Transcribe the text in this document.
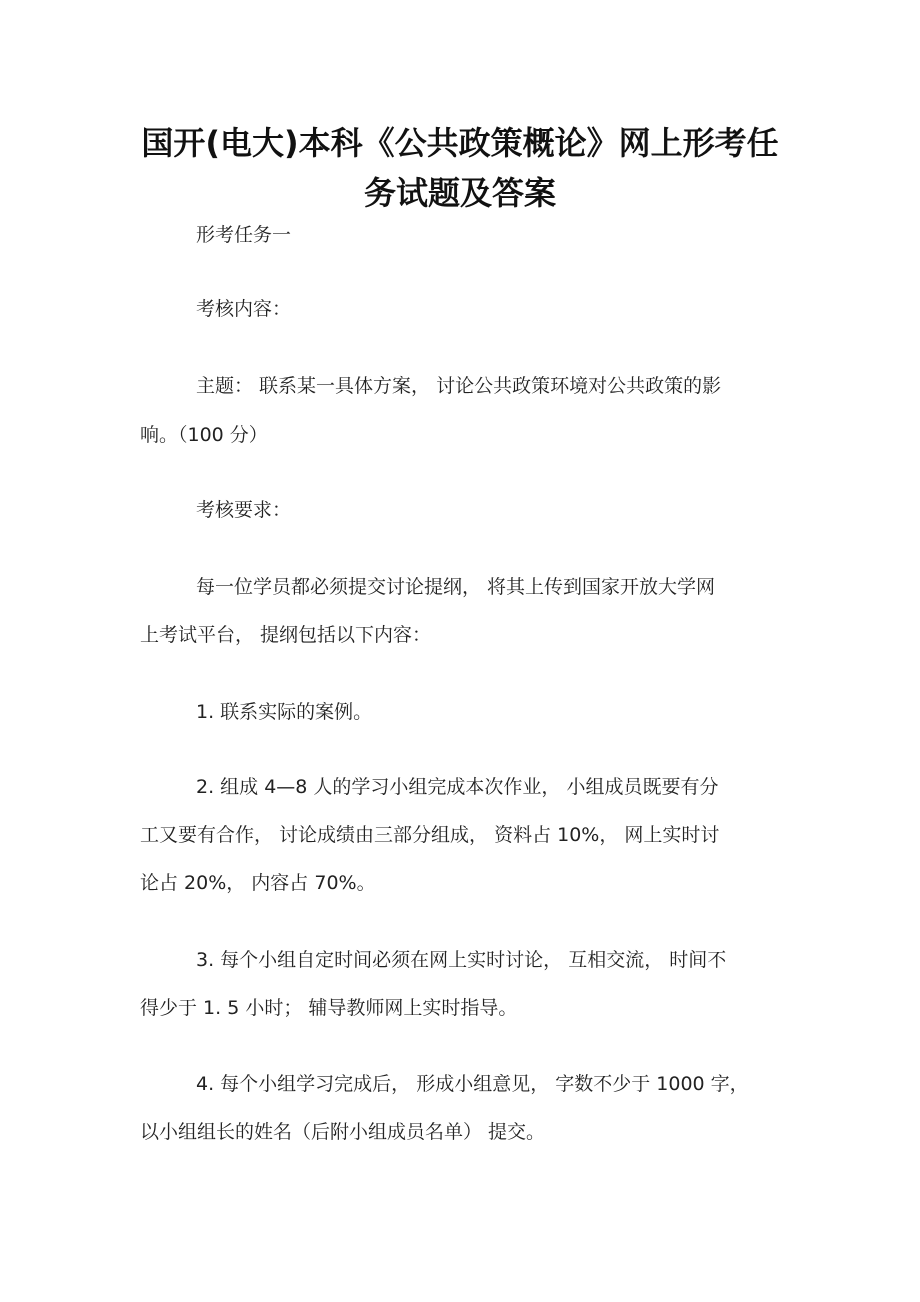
国开(电大)本科《公共政策概论》网上形考任
务试题及答案
形考任务一
考核内容：
主题： 联系某一具体方案， 讨论公共政策环境对公共政策的影
响。（100 分）
考核要求：
每一位学员都必须提交讨论提纲， 将其上传到国家开放大学网
上考试平台， 提纲包括以下内容：
1. 联系实际的案例。
2. 组成 4—8 人的学习小组完成本次作业， 小组成员既要有分
工又要有合作， 讨论成绩由三部分组成， 资料占 10%， 网上实时讨
论占 20%， 内容占 70%。
3. 每个小组自定时间必须在网上实时讨论， 互相交流， 时间不
得少于 1. 5 小时； 辅导教师网上实时指导。
4. 每个小组学习完成后， 形成小组意见， 字数不少于 1000 字，
以小组组长的姓名（后附小组成员名单） 提交。
